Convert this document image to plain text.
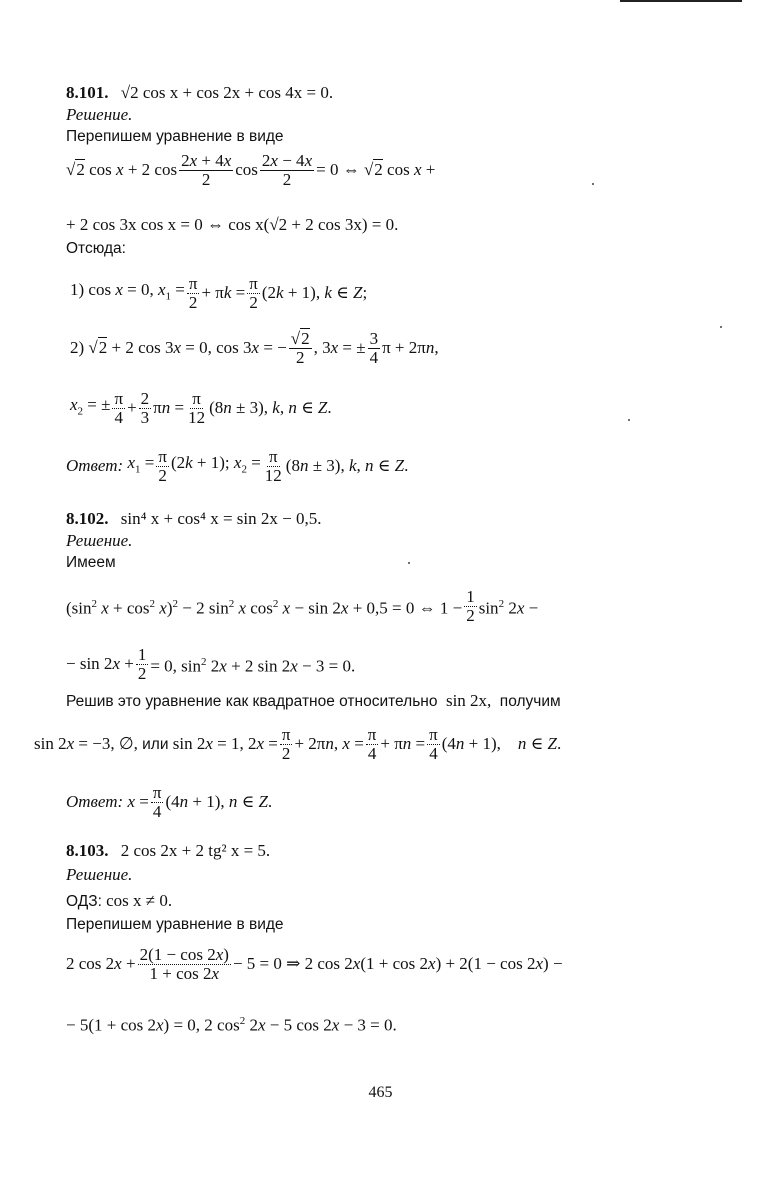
8.101. √2 cos x + cos 2x + cos 4x = 0.
Решение.
Перепишем уравнение в виде
√2 cos x + 2 $\cos \frac{2x + 4x}{2}$ $\cos \frac{2x - 4x}{2} = 0$ ⇔ √2 cos x +
+ 2 cos 3x cos x = 0 ⇔ cos x(√2 + 2 cos 3x) = 0.
Отсюда:
1) cos x = 0, $x_1 = \frac{\pi}{2} + \pi k = \frac{\pi}{2} (2k + 1)$, k ∈ Z;
2) √2 + 2 cos 3x = 0, cos 3x = − $\frac{√2}{2}$ , 3x = ± $\frac{3}{4}$ π + 2πn,
$x_2$ = ± $\frac{\pi}{4} + \frac{2}{3}$ $\pi n = \frac{\pi}{12} (8n \pm 3)$, k, n ∈ Z.
Ответ: $x_1 = \frac{\pi}{2} (2k + 1)$; $x_2 = \frac{\pi}{12} (8n \pm 3)$, k, n ∈ Z.
8.102. sin⁴ x + cos⁴ x = sin 2x − 0,5.
Решение.
Имеем
($\sin^2$ $x + \cos^2 x)^2 - 2$ $\sin^2 x$ $\cos^2 x - \sin 2x + 0,5 = 0$ ⇔ $1 - \frac{1}{2} \sin^2 2x$ −
− $\sin 2x + \frac{1}{2} = 0$, $\sin^2 2x + 2$ sin 2x − 3 = 0.
Решив это уравнение как квадратное относительно sin 2x, получим
sin 2x = −3, ∅, или sin 2x = 1, $2x = \frac{\pi}{2} + 2\pi n$, $x = \frac{\pi}{4} + \pi n = \frac{\pi}{4} (4n + 1)$,    n ∈ Z.
Ответ: $x = \frac{\pi}{4} (4n + 1)$, n ∈ Z.
8.103. 2 cos 2x + 2 tg² x = 5.
Решение.
ОДЗ: cos x ≠ 0.
Перепишем уравнение в виде
2 $\cos 2x + \frac{2(1 - \cos 2x)}{1 + \cos 2x} - 5 = 0$ ⇒ 2 cos 2x(1 + cos 2x) + 2(1 − cos 2x) −
− 5(1 + cos 2x) = 0, 2 $\cos^2 2x - 5$ cos 2x − 3 = 0.
465
